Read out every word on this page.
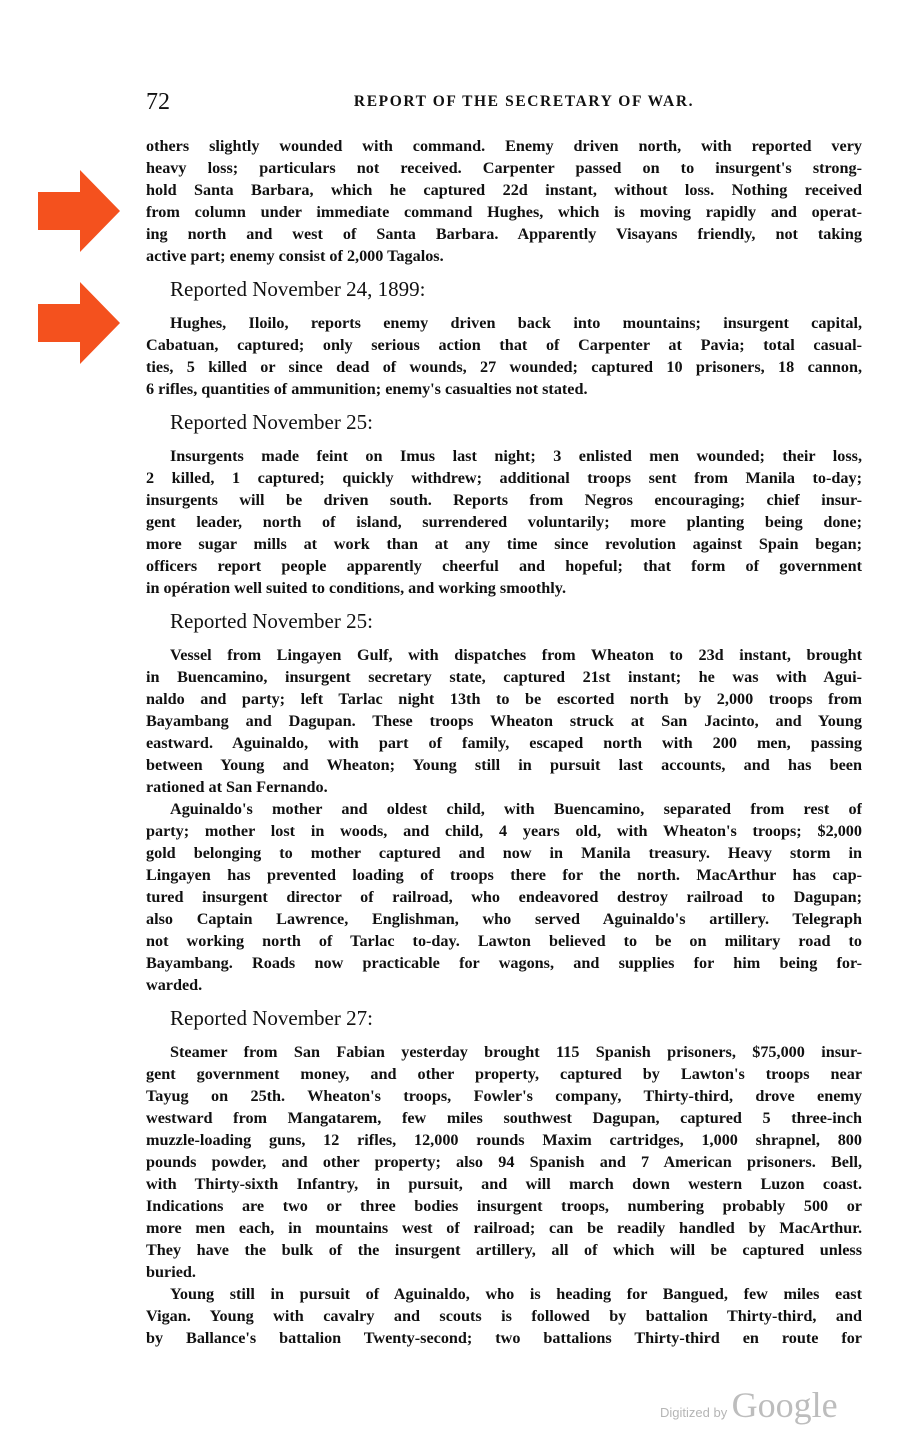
72	REPORT OF THE SECRETARY OF WAR.
others slightly wounded with command. Enemy driven north, with reported very
heavy loss; particulars not received. Carpenter passed on to insurgent's strong-
hold Santa Barbara, which he captured 22d instant, without loss. Nothing received
from column under immediate command Hughes, which is moving rapidly and operat-
ing north and west of Santa Barbara. Apparently Visayans friendly, not taking
active part; enemy consist of 2,000 Tagalos.
Reported November 24, 1899:
Hughes, Iloilo, reports enemy driven back into mountains; insurgent capital,
Cabatuan, captured; only serious action that of Carpenter at Pavia; total casual-
ties, 5 killed or since dead of wounds, 27 wounded; captured 10 prisoners, 18 cannon,
6 rifles, quantities of ammunition; enemy's casualties not stated.
Reported November 25:
Insurgents made feint on Imus last night; 3 enlisted men wounded; their loss,
2 killed, 1 captured; quickly withdrew; additional troops sent from Manila to-day;
insurgents will be driven south. Reports from Negros encouraging; chief insur-
gent leader, north of island, surrendered voluntarily; more planting being done;
more sugar mills at work than at any time since revolution against Spain began;
officers report people apparently cheerful and hopeful; that form of government
in opération well suited to conditions, and working smoothly.
Reported November 25:
Vessel from Lingayen Gulf, with dispatches from Wheaton to 23d instant, brought
in Buencamino, insurgent secretary state, captured 21st instant; he was with Agui-
naldo and party; left Tarlac night 13th to be escorted north by 2,000 troops from
Bayambang and Dagupan. These troops Wheaton struck at San Jacinto, and Young
eastward. Aguinaldo, with part of family, escaped north with 200 men, passing
between Young and Wheaton; Young still in pursuit last accounts, and has been
rationed at San Fernando.
Aguinaldo's mother and oldest child, with Buencamino, separated from rest of
party; mother lost in woods, and child, 4 years old, with Wheaton's troops; $2,000
gold belonging to mother captured and now in Manila treasury. Heavy storm in
Lingayen has prevented loading of troops there for the north. MacArthur has cap-
tured insurgent director of railroad, who endeavored destroy railroad to Dagupan;
also Captain Lawrence, Englishman, who served Aguinaldo's artillery. Telegraph
not working north of Tarlac to-day. Lawton believed to be on military road to
Bayambang. Roads now practicable for wagons, and supplies for him being for-
warded.
Reported November 27:
Steamer from San Fabian yesterday brought 115 Spanish prisoners, $75,000 insur-
gent government money, and other property, captured by Lawton's troops near
Tayug on 25th. Wheaton's troops, Fowler's company, Thirty-third, drove enemy
westward from Mangatarem, few miles southwest Dagupan, captured 5 three-inch
muzzle-loading guns, 12 rifles, 12,000 rounds Maxim cartridges, 1,000 shrapnel, 800
pounds powder, and other property; also 94 Spanish and 7 American prisoners. Bell,
with Thirty-sixth Infantry, in pursuit, and will march down western Luzon coast.
Indications are two or three bodies insurgent troops, numbering probably 500 or
more men each, in mountains west of railroad; can be readily handled by MacArthur.
They have the bulk of the insurgent artillery, all of which will be captured unless
buried.
Young still in pursuit of Aguinaldo, who is heading for Bangued, few miles east
Vigan. Young with cavalry and scouts is followed by battalion Thirty-third, and
by Ballance's battalion Twenty-second; two battalions Thirty-third en route for
Digitized by Google
